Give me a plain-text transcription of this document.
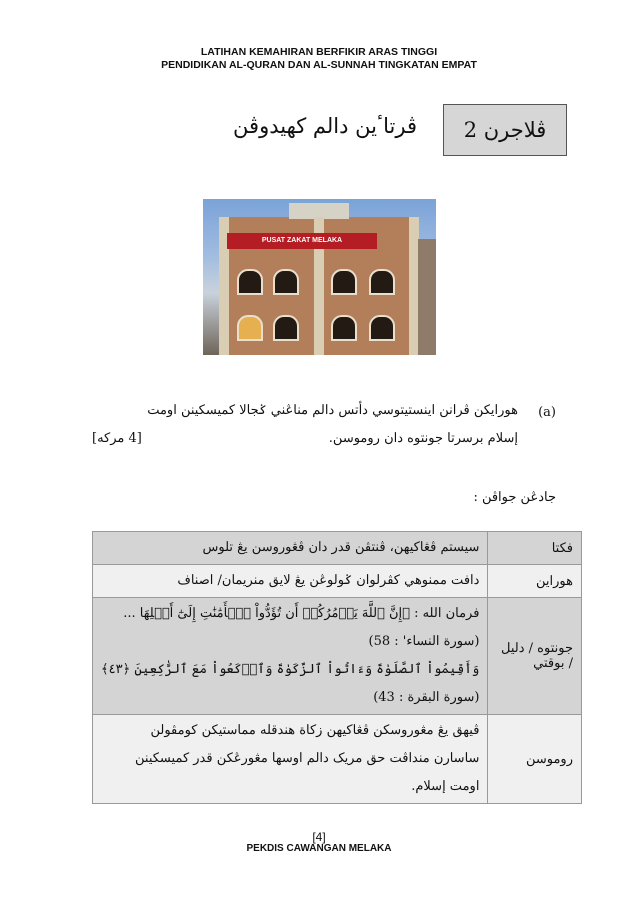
LATIHAN KEMAHIRAN BERFIKIR ARAS TINGGI
PENDIDIKAN AL-QURAN DAN AL-SUNNAH TINGKATAN EMPAT
ڤلاجرن 2
ڤرتاٴين دالم كهيدوڤن
PUSAT ZAKAT MELAKA
(a)
هورايكن ڤرانن اينستيتوسي دأتس دالم مناڠني ݢجالا كميسكينن اومت
إسلام برسرتا جونتوه دان روموسن.
[4 مركه]
جادڠن جواڤن :
فكتا	سيستم ڤڠاكيهن، ڤنتڤن قدر دان ڤڠوروسن يڠ تلوس

هوراين	دافت ممنوهي كڤرلوان ݢولوڠن يڠ لايق منريمان/ اصناف

جونتوه / دليل / بوقتي	فرمان الله : ﴿إِنَّ ٱللَّهَ يَأۡمُرُكُمۡ أَن تُؤَدُّواْ ٱلۡأَمَٰنَٰتِ إِلَىٰٓ أَهۡلِهَا ...
(سورة النساء' : 58)
وَأَقِيمُواْ ٱلصَّلَوٰةَ وَءَاتُواْ ٱلزَّكَوٰةَ وَٱرۡكَعُواْ مَعَ ٱلرَّٰكِعِينَ ﴿٤٣﴾
(سورة البقرة : 43)

روموسن	ڤيهق يڠ مڠوروسكن ڤڠاكيهن زكاة هندقله مماستيكن كومڤولن
ساسارن منداڤت حق مريک دالم اوسها مڠورڠكن قدر كميسكينن
اومت إسلام.
[4]
PEKDIS CAWANGAN MELAKA
